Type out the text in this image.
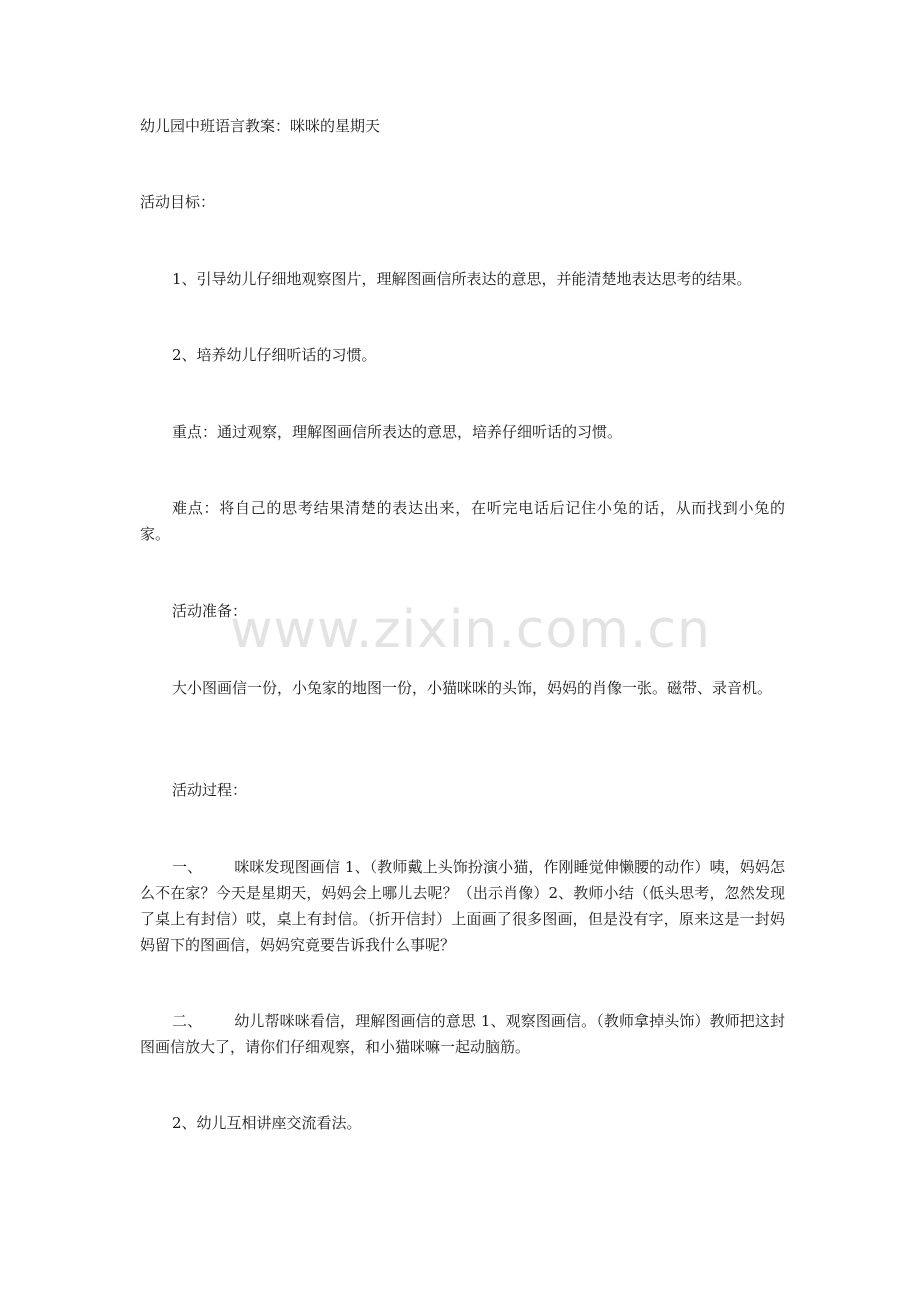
www.zixin.com.cn

幼儿园中班语言教案：咪咪的星期天

活动目标：

1、引导幼儿仔细地观察图片，理解图画信所表达的意思，并能清楚地表达思考的结果。

2、培养幼儿仔细听话的习惯。

重点：通过观察，理解图画信所表达的意思，培养仔细听话的习惯。

难点：将自己的思考结果清楚的表达出来，在听完电话后记住小兔的话，从而找到小兔的家。

活动准备：

大小图画信一份，小兔家的地图一份，小猫咪咪的头饰，妈妈的肖像一张。磁带、录音机。

活动过程：

一、 咪咪发现图画信 1、（教师戴上头饰扮演小猫，作刚睡觉伸懒腰的动作）咦，妈妈怎么不在家？今天是星期天，妈妈会上哪儿去呢？（出示肖像）2、教师小结（低头思考，忽然发现了桌上有封信）哎，桌上有封信。（折开信封）上面画了很多图画，但是没有字，原来这是一封妈妈留下的图画信，妈妈究竟要告诉我什么事呢？

二、 幼儿帮咪咪看信，理解图画信的意思 1、观察图画信。（教师拿掉头饰）教师把这封图画信放大了，请你们仔细观察，和小猫咪嘛一起动脑筋。

2、幼儿互相讲座交流看法。
